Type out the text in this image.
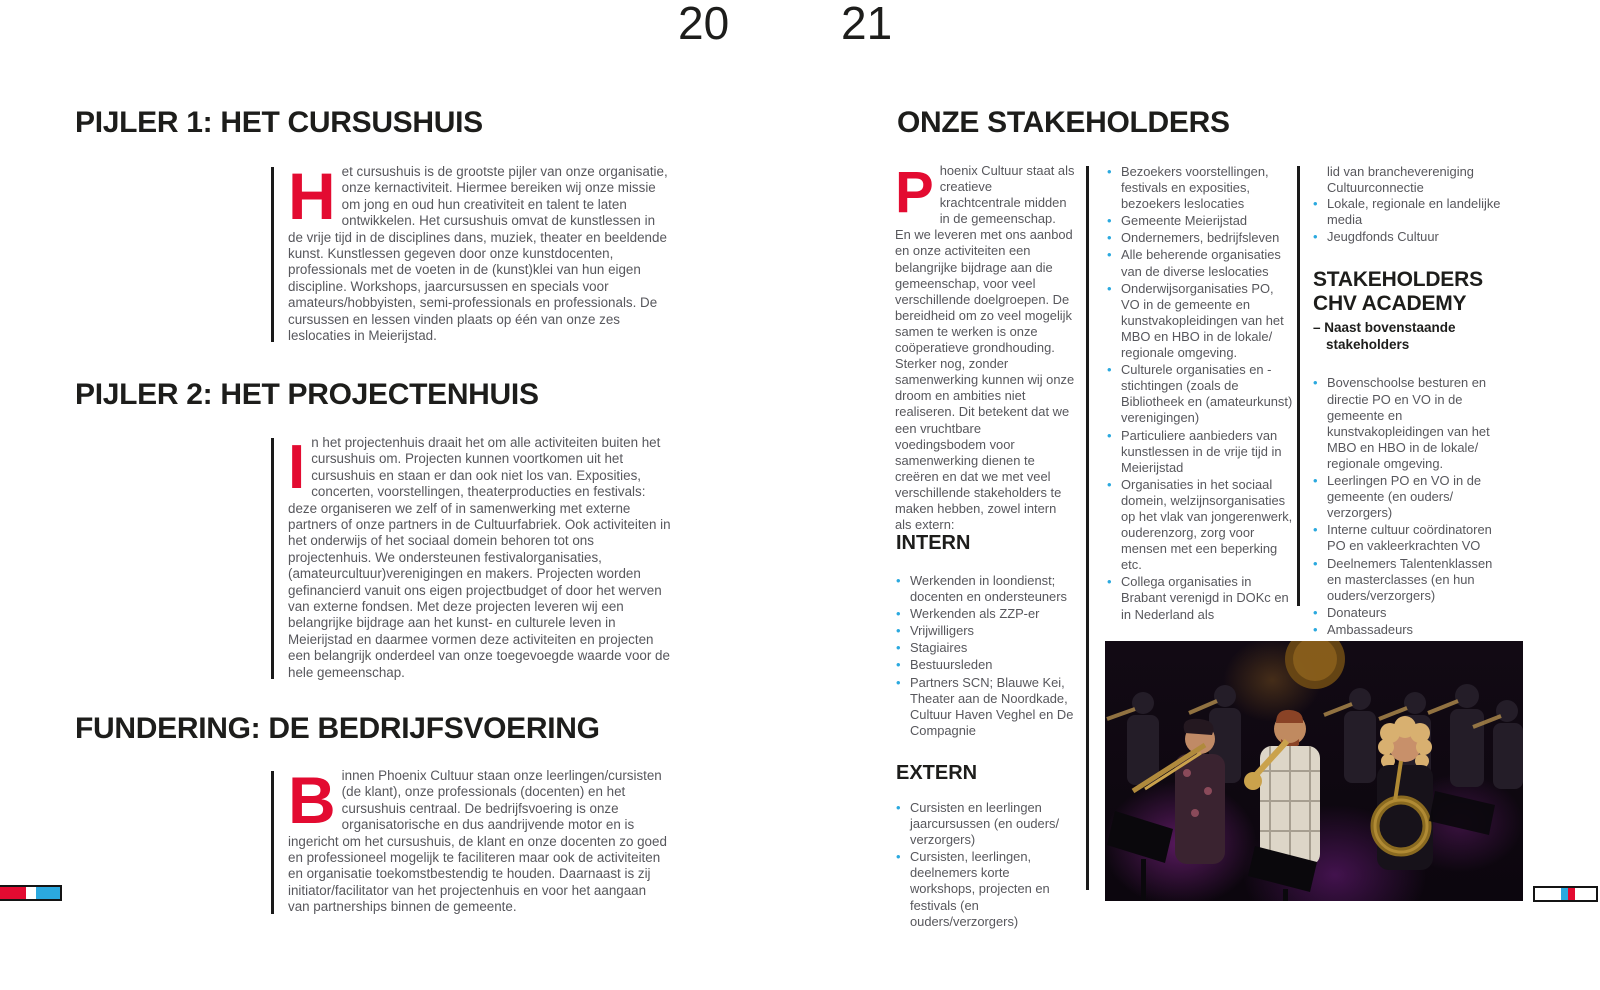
20 21
PIJLER 1: HET CURSUSHUIS
Het cursushuis is de grootste pijler van onze organisatie, onze kernactiviteit. Hiermee bereiken wij onze missie om jong en oud hun creativiteit en talent te laten ontwikkelen. Het cursushuis omvat de kunstlessen in de vrije tijd in de disciplines dans, muziek, theater en beeldende kunst. Kunstlessen gegeven door onze kunstdocenten, professionals met de voeten in de (kunst)klei van hun eigen discipline. Workshops, jaarcursussen en specials voor amateurs/hobbyisten, semi-professionals en professionals. De cursussen en lessen vinden plaats op één van onze zes leslocaties in Meierijstad.
PIJLER 2: HET PROJECTENHUIS
In het projectenhuis draait het om alle activiteiten buiten het cursushuis om. Projecten kunnen voortkomen uit het cursushuis en staan er dan ook niet los van. Exposities, concerten, voorstellingen, theaterproducties en festivals: deze organiseren we zelf of in samenwerking met externe partners of onze partners in de Cultuurfabriek. Ook activiteiten in het onderwijs of het sociaal domein behoren tot ons projectenhuis. We ondersteunen festivalorganisaties, (amateurcultuur)verenigingen en makers. Projecten worden gefinancierd vanuit ons eigen projectbudget of door het werven van externe fondsen. Met deze projecten leveren wij een belangrijke bijdrage aan het kunst- en culturele leven in Meierijstad en daarmee vormen deze activiteiten en projecten een belangrijk onderdeel van onze toegevoegde waarde voor de hele gemeenschap.
FUNDERING: DE BEDRIJFSVOERING
Binnen Phoenix Cultuur staan onze leerlingen/cursisten (de klant), onze professionals (docenten) en het cursushuis centraal. De bedrijfsvoering is onze organisatorische en dus aandrijvende motor en is ingericht om het cursushuis, de klant en onze docenten zo goed en professioneel mogelijk te faciliteren maar ook de activiteiten en organisatie toekomstbestendig te houden. Daarnaast is zij initiator/facilitator van het projectenhuis en voor het aangaan van partnerships binnen de gemeente.
ONZE STAKEHOLDERS
Phoenix Cultuur staat als creatieve krachtcentrale midden in de gemeenschap. En we leveren met ons aanbod en onze activiteiten een belangrijke bijdrage aan die gemeenschap, voor veel verschillende doelgroepen. De bereidheid om zo veel mogelijk samen te werken is onze coöperatieve grondhouding. Sterker nog, zonder samenwerking kunnen wij onze droom en ambities niet realiseren. Dit betekent dat we een vruchtbare voedingsbodem voor samenwerking dienen te creëren en dat we met veel verschillende stakeholders te maken hebben, zowel intern als extern:
INTERN
• Werkenden in loondienst; docenten en ondersteuners
• Werkenden als ZZP-er
• Vrijwilligers
• Stagiaires
• Bestuursleden
• Partners SCN; Blauwe Kei, Theater aan de Noordkade, Cultuur Haven Veghel en De Compagnie
EXTERN
• Cursisten en leerlingen jaarcursussen (en ouders/ verzorgers)
• Cursisten, leerlingen, deelnemers korte workshops, projecten en festivals (en ouders/verzorgers)
• Bezoekers voorstellingen, festivals en exposities, bezoekers leslocaties
• Gemeente Meierijstad
• Ondernemers, bedrijfsleven
• Alle beherende organisaties van de diverse leslocaties
• Onderwijsorganisaties PO, VO in de gemeente en kunstvakopleidingen van het MBO en HBO in de lokale/ regionale omgeving.
• Culturele organisaties en -stichtingen (zoals de Bibliotheek en (amateurkunst) verenigingen)
• Particuliere aanbieders van kunstlessen in de vrije tijd in Meierijstad
• Organisaties in het sociaal domein, welzijnsorganisaties op het vlak van jongerenwerk, ouderenzorg, zorg voor mensen met een beperking etc.
• Collega organisaties in Brabant verenigd in DOKc en in Nederland als
lid van branchevereniging Cultuurconnectie
• Lokale, regionale en landelijke media
• Jeugdfonds Cultuur
STAKEHOLDERS
CHV ACADEMY
– Naast bovenstaande
stakeholders
• Bovenschoolse besturen en directie PO en VO in de gemeente en kunstvakopleidingen van het MBO en HBO in de lokale/ regionale omgeving.
• Leerlingen PO en VO in de gemeente (en ouders/ verzorgers)
• Interne cultuur coördinatoren PO en vakleerkrachten VO
• Deelnemers Talentenklassen en masterclasses (en hun ouders/verzorgers)
• Donateurs
• Ambassadeurs
